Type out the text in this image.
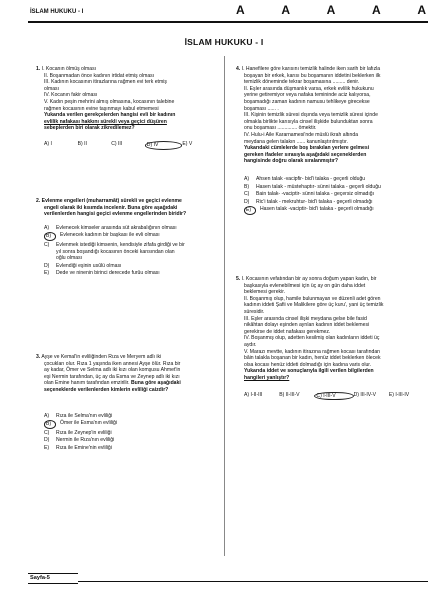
İSLAM HUKUKU - I	A	A	A	A	A
İSLAM HUKUKU - I
1. I. Kocanın ölmüş olması
II. Boşanmadan önce kadının irtidat etmiş olması
III. Kadının kocasının itirazlarına rağmen evi terk etmiş
olması
IV. Kocanın fakir olması
V. Kadın peşin mehrini almış olmasına, kocasının talebine
rağmen kocasının evine taşınmayı kabul etmemesi
Yukarıda verilen gerekçelerden hangisi evli bir kadının
evlilik nafakası hakkını sürekli veya geçici düşüren
sebeplerden biri olarak zikredilemez?
A) I	B) II	C) III	D) IV	E) V
2. Evlenme engelleri (muharramât) sürekli ve geçici evlenme
engeli olarak iki kısımda incelenir. Buna göre aşağıdaki
verilenlerden hangisi geçici evlenme engellerinden biridir?
A)	Evlenecek kimseler arasında süt akrabalığının olması
B)	Evlenecek kadının bir başkası ile evli olması
C)	Evlenmek istediği kimsenin, kendisiyle zifafa girdiği ve bir
yıl sonra boşandığı kocasının önceki karısından olan
oğlu olması
D)	Evlendiği eşinin usûlü olması
E)	Dede ve ninenin birinci derecede furûu olması
3. Ayşe ve Kemal'in evliliğinden Rıza ve Meryem adlı iki
çocukları olur. Rıza 1 yaşında iken annesi Ayşe ölür. Rıza bir
ay kadar, Ömer ve Selma adlı iki kızı olan komşusu Ahmet'in
eşi Nermin tarafından, üç ay da Esma ve Zeynep adlı iki kızı
olan Emine hanım tarafından emzirilir. Buna göre aşağıdaki
seçeneklerde verilenlerden kimlerin evliliği caizdir?
A)	Rıza ile Selma'nın evliliği
B)	Ömer ile Esma'nın evliliği
C)	Rıza ile Zeynep'in evliliği
D)	Nermin ile Rıza'nın evliliği
E)	Rıza ile Emine'nin evliliği
4. I. Hanefilere göre karısını temizlik halinde iken sarih bir lafızla
boşayan bir erkek, karısı bu boşamanın iddetini beklerken ilk
temizlik döneminde tekrar boşamasına ......... denir.
II. Eşler arasında düşmanlık varsa, erkek evlilik hukukunu
yerine getiremiyor veya nafaka temininde aciz kalıyorsa,
boşamadığı zaman kadının namusu tehlikeye girecekse
boşaması ...... .
III. Kişinin temizlik süresi dışında veya temizlik süresi içinde
olmakla birlikte karısıyla cinsel ilişkide bulunduktan sonra
onu boşaması .............. ömektir.
IV. Hulu-i Aile Kararnamesi'nde müslü ikrah altında
meydana gelen talakın ...... kanunlaştırılmıştır.
Yukarıdaki cümlelerde boş bırakılan yerlere gelmesi
gereken ifadeler sırasıyla aşağıdaki seçeneklerden
hangisinde doğru olarak sıralanmıştır?
A)	Ahsen talak -vacipfir- bid'i talaka - geçerli olduğu
B)	Hasen talak - müstehaptır- sünni talaka - geçerli olduğu
C)	Bain talak- -vaciptir- sünni talaka - geçersiz olmadığı
D)	Ric'i talak - mekruhtur- bid'i talaka - geçerli olmadığı
E)	Hasen talak -vaciptir- bid'i talaka - geçerli olmadığı
5. I. Kocasının vefatından bir ay sonra doğum yapan kadın, bir
başkasıyla evlenebilmesi için üç ay on gün daha iddet
beklemesi gerekir.
II. Boşanmış olup, hamile bulunmayan ve düzenli adet gören
kadının iddeti Şafii ve Malikilere göre üç kuru', yani üç temizlik
süresidir.
III. Eşler arasında cinsel ilişki meydana gelse bile fasid
nikâhtan dolayı eşinden ayrılan kadının iddet beklemesi
gerekirse de iddet nafakası gerekmez.
IV. Boşanmış olup, adetten kesilmiş olan kadınların iddeti üç
aydır.
V. Marazı mevtte, kadının itirazına rağmen kocası tarafından
bâin talakla boşanan bir kadın, henüz iddet beklerken ölecek
olsa kocası henüz iddeti dolmadığı için kadına varis olur.
Yukarıda iddet ve sonuçlarıyla ilgili verilen bilgilerden
hangileri yanlıştır?
A) I-II-III	B) II-III-V	C) I-III-V	D) III-IV-V	E) I-III-IV
Sayfa-5
